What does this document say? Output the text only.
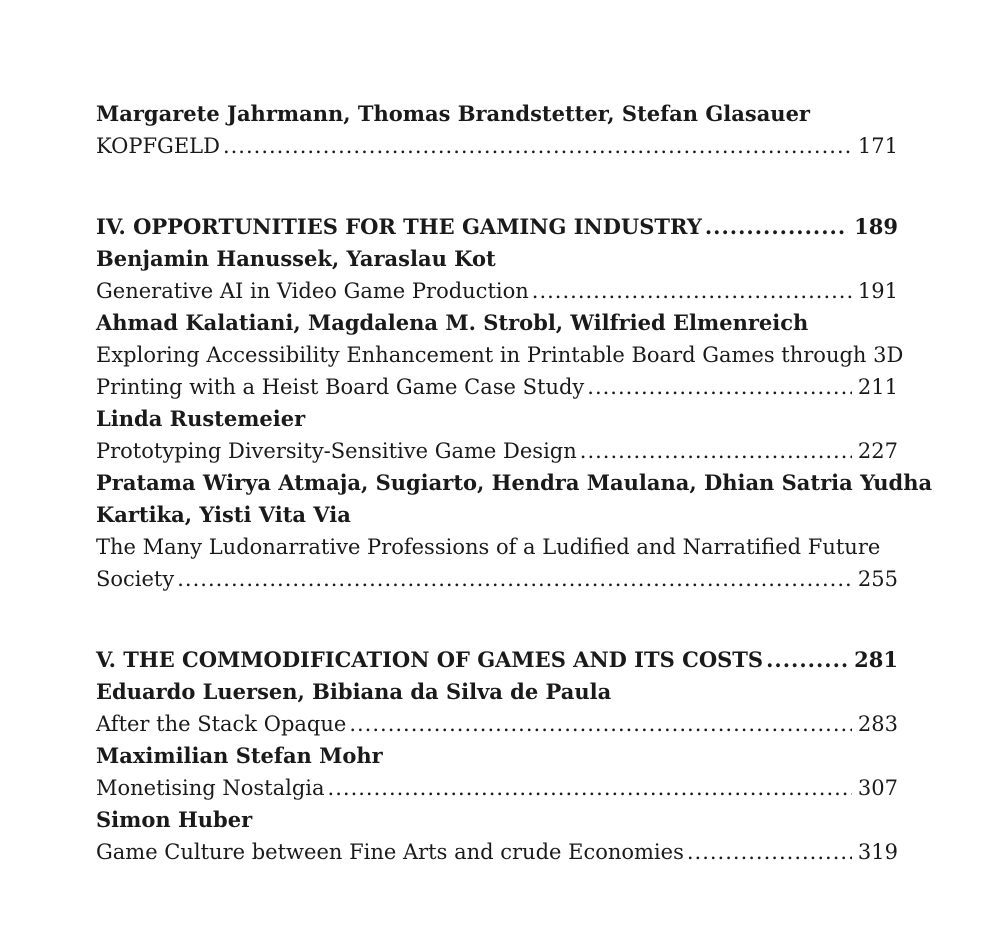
Margarete Jahrmann, Thomas Brandstetter, Stefan Glasauer
KOPFGELD .....	171
IV. OPPORTUNITIES FOR THE GAMING INDUSTRY .....	189
Benjamin Hanussek, Yaraslau Kot
Generative AI in Video Game Production .....	191
Ahmad Kalatiani, Magdalena M. Strobl, Wilfried Elmenreich
Exploring Accessibility Enhancement in Printable Board Games through 3D
Printing with a Heist Board Game Case Study .....	211
Linda Rustemeier
Prototyping Diversity-Sensitive Game Design .....	227
Pratama Wirya Atmaja, Sugiarto, Hendra Maulana, Dhian Satria Yudha
Kartika, Yisti Vita Via
The Many Ludonarrative Professions of a Ludified and Narratified Future
Society .....	255
V. THE COMMODIFICATION OF GAMES AND ITS COSTS .....	281
Eduardo Luersen, Bibiana da Silva de Paula
After the Stack Opaque .....	283
Maximilian Stefan Mohr
Monetising Nostalgia .....	307
Simon Huber
Game Culture between Fine Arts and crude Economies .....	319
